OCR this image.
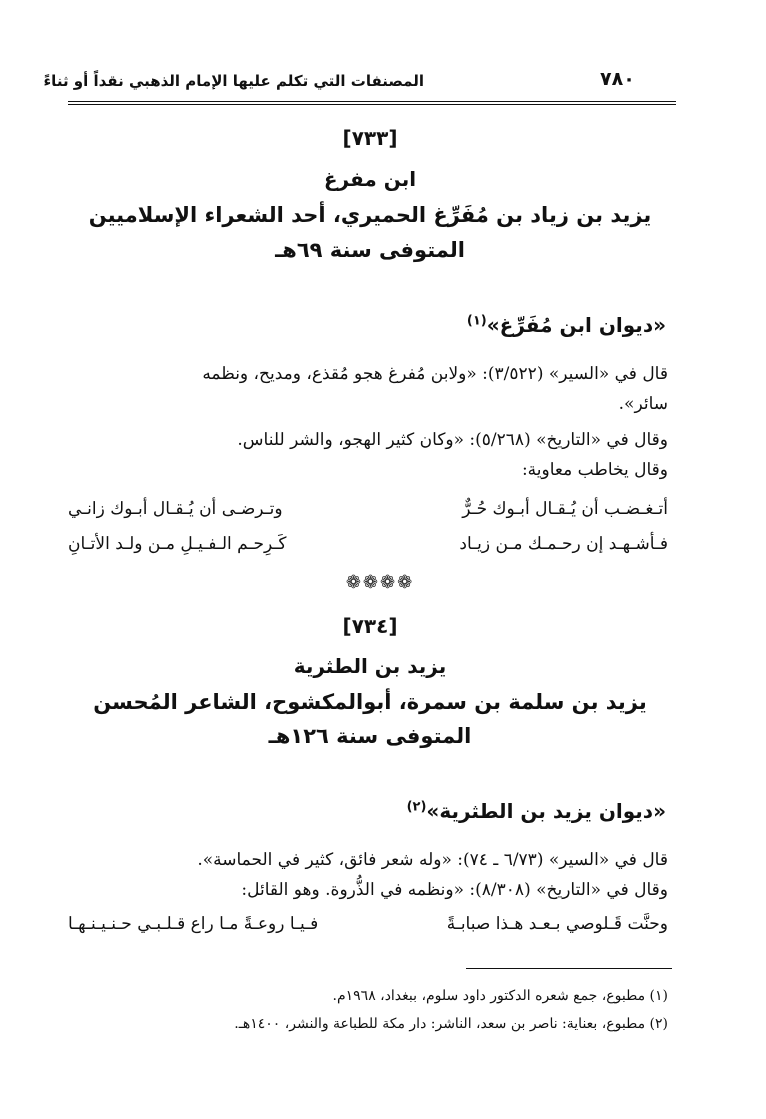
٧٨٠
المصنفات التي تكلم عليها الإمام الذهبي نقداً أو ثناءً
[٧٣٣]
ابن مفرغ
يزيد بن زياد بن مُفَرِّغ الحميري، أحد الشعراء الإسلاميين
المتوفى سنة ٦٩هـ
«ديوان ابن مُفَرِّغ»$^{(١)}$
قال في «السير» (٣/٥٢٢): «ولابن مُفرغ هجو مُقذع، ومديح، ونظمه
سائر».
وقال في «التاريخ» (٥/٢٦٨): «وكان كثير الهجو، والشر للناس.
وقال يخاطب معاوية:
أتـغـضـب أن يُـقـال أبـوك حُـرٌّ
وتـرضـى أن يُـقـال أبـوك زانـي
فـأشـهـد إن رحـمـك مـن زيـاد
كَـرِحـم الـفـيـلِ مـن ولـد الأتـانِ
❁❁❁❁
[٧٣٤]
يزيد بن الطثرية
يزيد بن سلمة بن سمرة، أبوالمكشوح، الشاعر المُحسن
المتوفى سنة ١٢٦هـ
«ديوان يزيد بن الطثرية»$^{(٢)}$
قال في «السير» (٦/٧٣ ـ ٧٤): «وله شعر فائق، كثير في الحماسة».
وقال في «التاريخ» (٨/٣٠٨): «ونظمه في الذُّروة. وهو القائل:
وحنَّت قَـلوصي بـعـد هـذا صبابـةً
فـيـا روعـةً مـا راع قـلـبـي حـنـيـنـهـا
(١) مطبوع، جمع شعره الدكتور داود سلوم، ببغداد، ١٩٦٨م.
(٢) مطبوع، بعناية: ناصر بن سعد، الناشر: دار مكة للطباعة والنشر، ١٤٠٠هـ.
